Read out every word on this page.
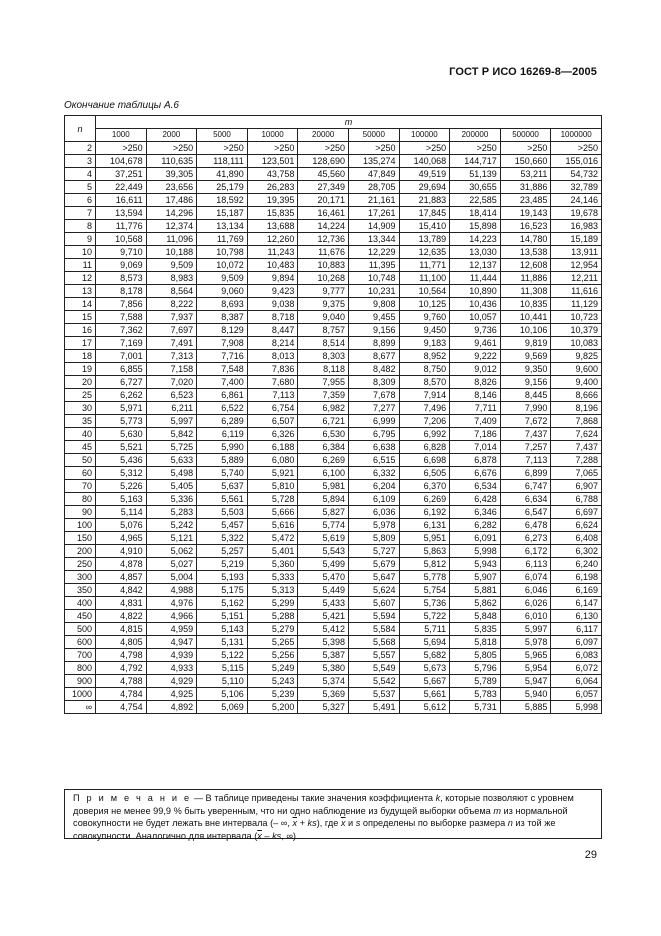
ГОСТ Р ИСО 16269-8—2005
Окончание таблицы А.6
n	m									
	1000	2000	5000	10000	20000	50000	100000	200000	500000	1000000
2	>250	>250	>250	>250	>250	>250	>250	>250	>250	>250
3	104,678	110,635	118,111	123,501	128,690	135,274	140,068	144,717	150,660	155,016
4	37,251	39,305	41,890	43,758	45,560	47,849	49,519	51,139	53,211	54,732
5	22,449	23,656	25,179	26,283	27,349	28,705	29,694	30,655	31,886	32,789
6	16,611	17,486	18,592	19,395	20,171	21,161	21,883	22,585	23,485	24,146
7	13,594	14,296	15,187	15,835	16,461	17,261	17,845	18,414	19,143	19,678
8	11,776	12,374	13,134	13,688	14,224	14,909	15,410	15,898	16,523	16,983
9	10,568	11,096	11,769	12,260	12,736	13,344	13,789	14,223	14,780	15,189
10	9,710	10,188	10,798	11,243	11,676	12,229	12,635	13,030	13,538	13,911
11	9,069	9,509	10,072	10,483	10,883	11,395	11,771	12,137	12,608	12,954
12	8,573	8,983	9,509	9,894	10,268	10,748	11,100	11,444	11,886	12,211
13	8,178	8,564	9,060	9,423	9,777	10,231	10,564	10,890	11,308	11,616
14	7,856	8,222	8,693	9,038	9,375	9,808	10,125	10,436	10,835	11,129
15	7,588	7,937	8,387	8,718	9,040	9,455	9,760	10,057	10,441	10,723
16	7,362	7,697	8,129	8,447	8,757	9,156	9,450	9,736	10,106	10,379
17	7,169	7,491	7,908	8,214	8,514	8,899	9,183	9,461	9,819	10,083
18	7,001	7,313	7,716	8,013	8,303	8,677	8,952	9,222	9,569	9,825
19	6,855	7,158	7,548	7,836	8,118	8,482	8,750	9,012	9,350	9,600
20	6,727	7,020	7,400	7,680	7,955	8,309	8,570	8,826	9,156	9,400
25	6,262	6,523	6,861	7,113	7,359	7,678	7,914	8,146	8,445	8,666
30	5,971	6,211	6,522	6,754	6,982	7,277	7,496	7,711	7,990	8,196
35	5,773	5,997	6,289	6,507	6,721	6,999	7,206	7,409	7,672	7,868
40	5,630	5,842	6,119	6,326	6,530	6,795	6,992	7,186	7,437	7,624
45	5,521	5,725	5,990	6,188	6,384	6,638	6,828	7,014	7,257	7,437
50	5,436	5,633	5,889	6,080	6,269	6,515	6,698	6,878	7,113	7,288
60	5,312	5,498	5,740	5,921	6,100	6,332	6,505	6,676	6,899	7,065
70	5,226	5,405	5,637	5,810	5,981	6,204	6,370	6,534	6,747	6,907
80	5,163	5,336	5,561	5,728	5,894	6,109	6,269	6,428	6,634	6,788
90	5,114	5,283	5,503	5,666	5,827	6,036	6,192	6,346	6,547	6,697
100	5,076	5,242	5,457	5,616	5,774	5,978	6,131	6,282	6,478	6,624
150	4,965	5,121	5,322	5,472	5,619	5,809	5,951	6,091	6,273	6,408
200	4,910	5,062	5,257	5,401	5,543	5,727	5,863	5,998	6,172	6,302
250	4,878	5,027	5,219	5,360	5,499	5,679	5,812	5,943	6,113	6,240
300	4,857	5,004	5,193	5,333	5,470	5,647	5,778	5,907	6,074	6,198
350	4,842	4,988	5,175	5,313	5,449	5,624	5,754	5,881	6,046	6,169
400	4,831	4,976	5,162	5,299	5,433	5,607	5,736	5,862	6,026	6,147
450	4,822	4,966	5,151	5,288	5,421	5,594	5,722	5,848	6,010	6,130
500	4,815	4,959	5,143	5,279	5,412	5,584	5,711	5,835	5,997	6,117
600	4,805	4,947	5,131	5,265	5,398	5,568	5,694	5,818	5,978	6,097
700	4,798	4,939	5,122	5,256	5,387	5,557	5,682	5,805	5,965	6,083
800	4,792	4,933	5,115	5,249	5,380	5,549	5,673	5,796	5,954	6,072
900	4,788	4,929	5,110	5,243	5,374	5,542	5,667	5,789	5,947	6,064
1000	4,784	4,925	5,106	5,239	5,369	5,537	5,661	5,783	5,940	6,057
∞	4,754	4,892	5,069	5,200	5,327	5,491	5,612	5,731	5,885	5,998
П р и м е ч а н и е — В таблице приведены такие значения коэффициента k, которые позволяют с уровнем доверия не менее 99,9 % быть уверенным, что ни одно наблюдение из будущей выборки объема m из нормальной совокупности не будет лежать вне интервала (– ∞, $\overline{x} + ks$), где $\overline{x}$ и s определены по выборке размера n из той же совокупности. Аналогично для интервала ($\overline{x}$ – ks, ∞).
29
